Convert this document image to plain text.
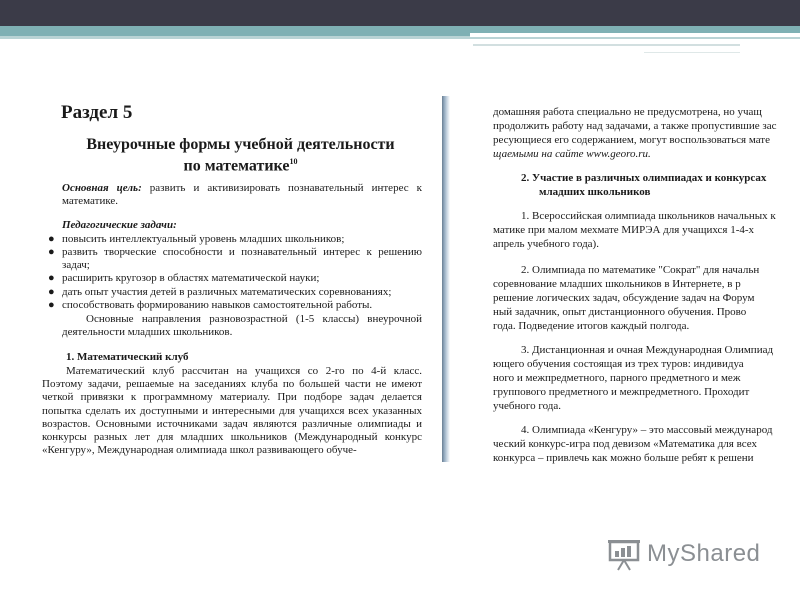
Раздел 5
Внеурочные формы учебной деятельности
по математике$^{10}$
Основная цель: развить и активизировать познавательный интерес к математике.
Педагогические задачи:
● повысить интеллектуальный уровень младших школьников;
● развить творческие способности и познавательный интерес к решению задач;
● расширить кругозор в областях математической науки;
● дать опыт участия детей в различных математических соревнованиях;
● способствовать формированию навыков самостоятельной работы.
Основные направления разновозрастной (1-5 классы) внеурочной деятельности младших школьников.
1. Математический клуб
Математический клуб рассчитан на учащихся со 2-го по 4-й класс. Поэтому задачи, решаемые на заседаниях клуба по большей части не имеют четкой привязки к программному материалу. При подборе задач делается попытка сделать их доступными и интересными для учащихся всех указанных возрастов. Основными источниками задач являются различные олимпиады и конкурсы разных лет для младших школьников (Международный конкурс «Кенгуру», Международная олимпиада школ развивающего обуче-
домашняя работа специально не предусмотрена, но учащ
продолжить работу над задачами, а также пропустившие зас
ресующиеся его содержанием, могут воспользоваться мате
щаемыми на сайте www.georo.ru.
2. Участие в различных олимпиадах и конкурсах
младших школьников
1. Всероссийская олимпиада школьников начальных к
матике при малом мехмате МИРЭА для учащихся 1-4-х
апрель учебного года).
2. Олимпиада по математике "Сократ" для начальн
соревнование младших школьников в Интернете, в р
решение логических задач, обсуждение задач на Форум
ный задачник, опыт дистанционного обучения. Прово
года. Подведение итогов каждый полгода.
3. Дистанционная и очная Международная Олимпиад
ющего обучения состоящая из трех туров: индивидуа
ного и межпредметного, парного предметного и меж
группового предметного и межпредметного. Проходит
учебного года.
4. Олимпиада «Кенгуру» – это массовый международ
ческий конкурс-игра под девизом «Математика для всех
конкурса – привлечь как можно больше ребят к решени
MyShared
